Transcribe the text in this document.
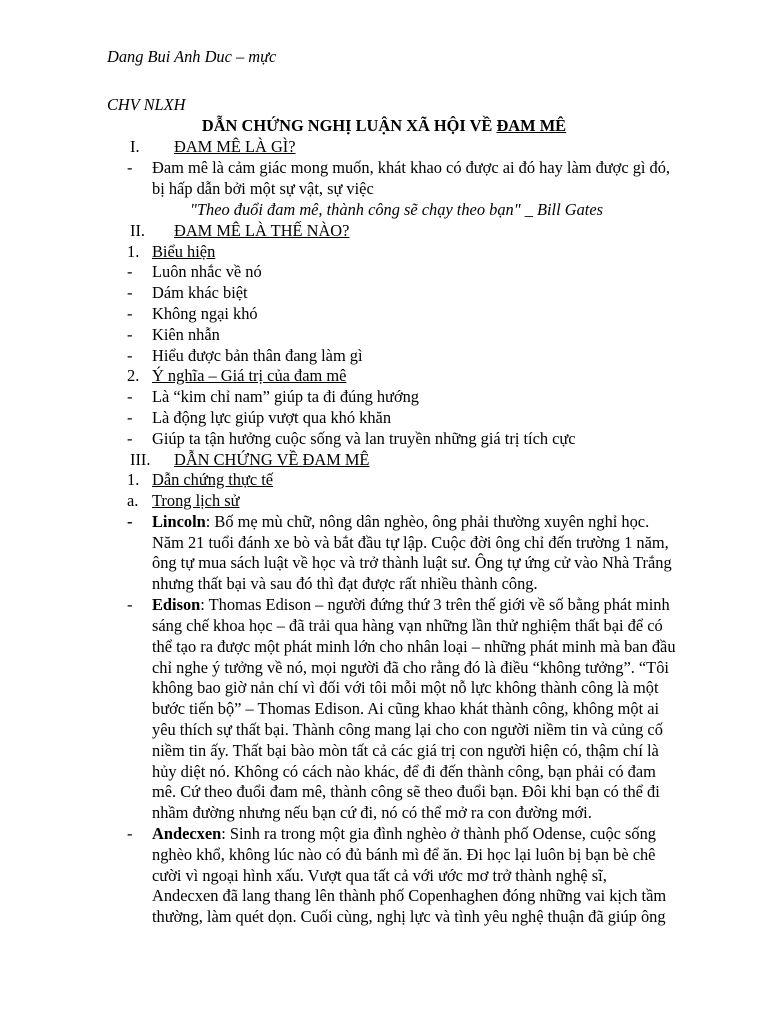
Dang Bui Anh Duc – mực
CHV NLXH
DẪN CHỨNG NGHỊ LUẬN XÃ HỘI VỀ ĐAM MÊ
I. ĐAM MÊ LÀ GÌ?
- Đam mê là cảm giác mong muốn, khát khao có được ai đó hay làm được gì đó,
bị hấp dẫn bởi một sự vật, sự việc
"Theo đuổi đam mê, thành công sẽ chạy theo bạn" _ Bill Gates
II. ĐAM MÊ LÀ THẾ NÀO?
1. Biểu hiện
- Luôn nhắc về nó
- Dám khác biệt
- Không ngại khó
- Kiên nhẫn
- Hiểu được bản thân đang làm gì
2. Ý nghĩa – Giá trị của đam mê
- Là “kim chỉ nam” giúp ta đi đúng hướng
- Là động lực giúp vượt qua khó khăn
- Giúp ta tận hưởng cuộc sống và lan truyền những giá trị tích cực
III. DẪN CHỨNG VỀ ĐAM MÊ
1. Dẫn chứng thực tế
a. Trong lịch sử
- Lincoln: Bố mẹ mù chữ, nông dân nghèo, ông phải thường xuyên nghỉ học.
Năm 21 tuổi đánh xe bò và bắt đầu tự lập. Cuộc đời ông chỉ đến trường 1 năm,
ông tự mua sách luật về học và trở thành luật sư. Ông tự ứng cử vào Nhà Trắng
nhưng thất bại và sau đó thì đạt được rất nhiều thành công.
- Edison: Thomas Edison – người đứng thứ 3 trên thế giới về số bằng phát minh
sáng chế khoa học – đã trải qua hàng vạn những lần thử nghiệm thất bại để có
thể tạo ra được một phát minh lớn cho nhân loại – những phát minh mà ban đầu
chỉ nghe ý tưởng về nó, mọi người đã cho rằng đó là điều “không tưởng”. “Tôi
không bao giờ nản chí vì đối với tôi mỗi một nỗ lực không thành công là một
bước tiến bộ” – Thomas Edison. Ai cũng khao khát thành công, không một ai
yêu thích sự thất bại. Thành công mang lại cho con người niềm tin và củng cố
niềm tin ấy. Thất bại bào mòn tất cả các giá trị con người hiện có, thậm chí là
hủy diệt nó. Không có cách nào khác, để đi đến thành công, bạn phải có đam
mê. Cứ theo đuổi đam mê, thành công sẽ theo đuổi bạn. Đôi khi bạn có thể đi
nhầm đường nhưng nếu bạn cứ đi, nó có thể mở ra con đường mới.
- Andecxen: Sinh ra trong một gia đình nghèo ở thành phố Odense, cuộc sống
nghèo khổ, không lúc nào có đủ bánh mì để ăn. Đi học lại luôn bị bạn bè chê
cười vì ngoại hình xấu. Vượt qua tất cả với ước mơ trở thành nghệ sĩ,
Andecxen đã lang thang lên thành phố Copenhaghen đóng những vai kịch tầm
thường, làm quét dọn. Cuối cùng, nghị lực và tình yêu nghệ thuận đã giúp ông
